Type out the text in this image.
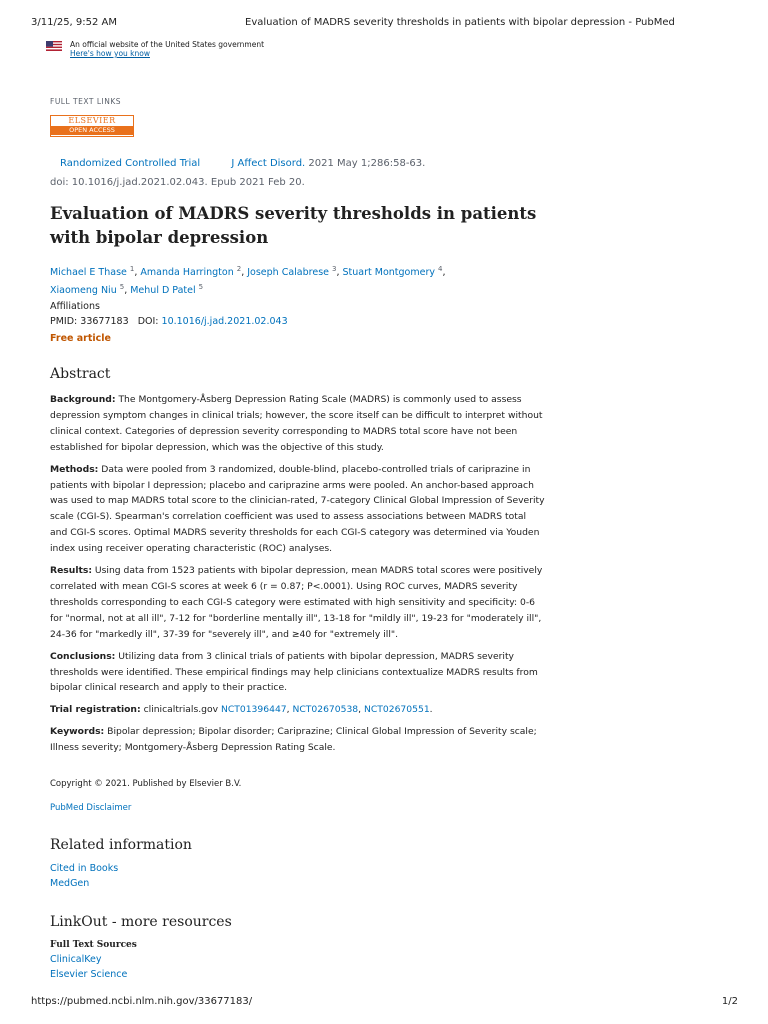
3/11/25, 9:52 AM	Evaluation of MADRS severity thresholds in patients with bipolar depression - PubMed
An official website of the United States government
Here's how you know
FULL TEXT LINKS
ELSEVIER
OPEN ACCESS
Randomized Controlled Trial	J Affect Disord. 2021 May 1;286:58-63.
doi: 10.1016/j.jad.2021.02.043. Epub 2021 Feb 20.
Evaluation of MADRS severity thresholds in patients with bipolar depression
Michael E Thase $^1$, Amanda Harrington $^2$, Joseph Calabrese $^3$, Stuart Montgomery $^4$,
Xiaomeng Niu $^5$, Mehul D Patel $^5$
Affiliations
PMID: 33677183 DOI: 10.1016/j.jad.2021.02.043
Free article
Abstract

Background: The Montgomery-Åsberg Depression Rating Scale (MADRS) is commonly used to assess depression symptom changes in clinical trials; however, the score itself can be difficult to interpret without clinical context. Categories of depression severity corresponding to MADRS total score have not been established for bipolar depression, which was the objective of this study.

Methods: Data were pooled from 3 randomized, double-blind, placebo-controlled trials of cariprazine in patients with bipolar I depression; placebo and cariprazine arms were pooled. An anchor-based approach was used to map MADRS total score to the clinician-rated, 7-category Clinical Global Impression of Severity scale (CGI-S). Spearman's correlation coefficient was used to assess associations between MADRS total and CGI-S scores. Optimal MADRS severity thresholds for each CGI-S category was determined via Youden index using receiver operating characteristic (ROC) analyses.

Results: Using data from 1523 patients with bipolar depression, mean MADRS total scores were positively correlated with mean CGI-S scores at week 6 (r = 0.87; P<.0001). Using ROC curves, MADRS severity thresholds corresponding to each CGI-S category were estimated with high sensitivity and specificity: 0-6 for "normal, not at all ill", 7-12 for "borderline mentally ill", 13-18 for "mildly ill", 19-23 for "moderately ill", 24-36 for "markedly ill", 37-39 for "severely ill", and ≥40 for "extremely ill".

Conclusions: Utilizing data from 3 clinical trials of patients with bipolar depression, MADRS severity thresholds were identified. These empirical findings may help clinicians contextualize MADRS results from bipolar clinical research and apply to their practice.

Trial registration: clinicaltrials.gov NCT01396447, NCT02670538, NCT02670551.

Keywords: Bipolar depression; Bipolar disorder; Cariprazine; Clinical Global Impression of Severity scale; Illness severity; Montgomery-Åsberg Depression Rating Scale.

Copyright © 2021. Published by Elsevier B.V.
PubMed Disclaimer
Related information
Cited in Books
MedGen
LinkOut - more resources
Full Text Sources
ClinicalKey
Elsevier Science
https://pubmed.ncbi.nlm.nih.gov/33677183/	1/2
